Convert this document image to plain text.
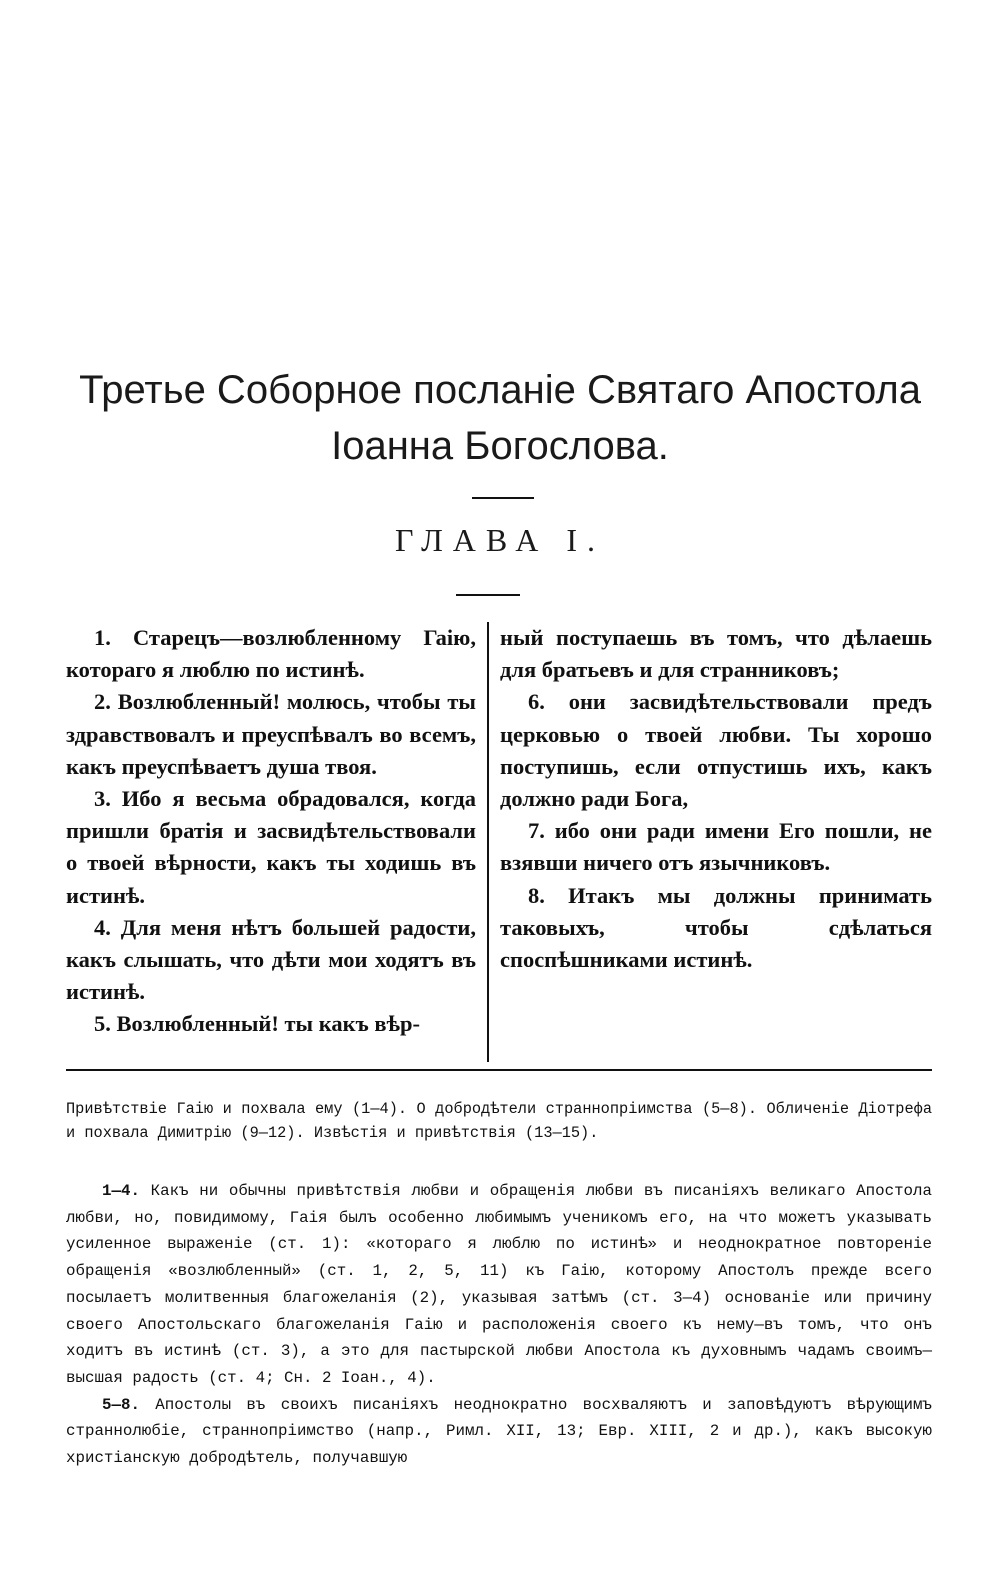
Третье Соборное посланіе Святаго Апостола
Іоанна Богослова.
ГЛАВА I.

1. Старецъ—возлюбленному Гаію, котораго я люблю по истинѣ.

2. Возлюбленный! молюсь, чтобы ты здравствовалъ и преуспѣвалъ во всемъ, какъ преуспѣваетъ душа твоя.

3. Ибо я весьма обрадовался, когда пришли братія и засвидѣтельствовали о твоей вѣрности, какъ ты ходишь въ истинѣ.

4. Для меня нѣтъ большей радости, какъ слышать, что дѣти мои ходятъ въ истинѣ.

5. Возлюбленный! ты какъ вѣр-

ный поступаешь въ томъ, что дѣлаешь для братьевъ и для странниковъ;

6. они засвидѣтельствовали предъ церковью о твоей любви. Ты хорошо поступишь, если отпустишь ихъ, какъ должно ради Бога,

7. ибо они ради имени Его пошли, не взявши ничего отъ язычниковъ.

8. Итакъ мы должны принимать таковыхъ, чтобы сдѣлаться споспѣшниками истинѣ.

Привѣтствіе Гаію и похвала ему (1—4). О добродѣтели страннопріимства (5—8). Обличеніе Діотрефа и похвала Димитрію (9—12). Извѣстія и привѣтствія (13—15).

1—4. Какъ ни обычны привѣтствія любви и обращенія любви въ писаніяхъ великаго Апостола любви, но, повидимому, Гаія былъ особенно любимымъ ученикомъ его, на что можетъ указывать усиленное выраженіе (ст. 1): «котораго я люблю по истинѣ» и неоднократное повтореніе обращенія «возлюбленный» (ст. 1, 2, 5, 11) къ Гаію, которому Апостолъ прежде всего посылаетъ молитвенныя благожеланія (2), указывая затѣмъ (ст. 3—4) основаніе или причину своего Апостольскаго благожеланія Гаію и расположенія своего къ нему—въ томъ, что онъ ходитъ въ истинѣ (ст. 3), а это для пастырской любви Апостола къ духовнымъ чадамъ своимъ—высшая радость (ст. 4; Сн. 2 Іоан., 4).

5—8. Апостолы въ своихъ писаніяхъ неоднократно восхваляютъ и заповѣдуютъ вѣрующимъ страннолюбіе, страннопріимство (напр., Римл. XII, 13; Евр. XIII, 2 и др.), какъ высокую христіанскую добродѣтель, получавшую
